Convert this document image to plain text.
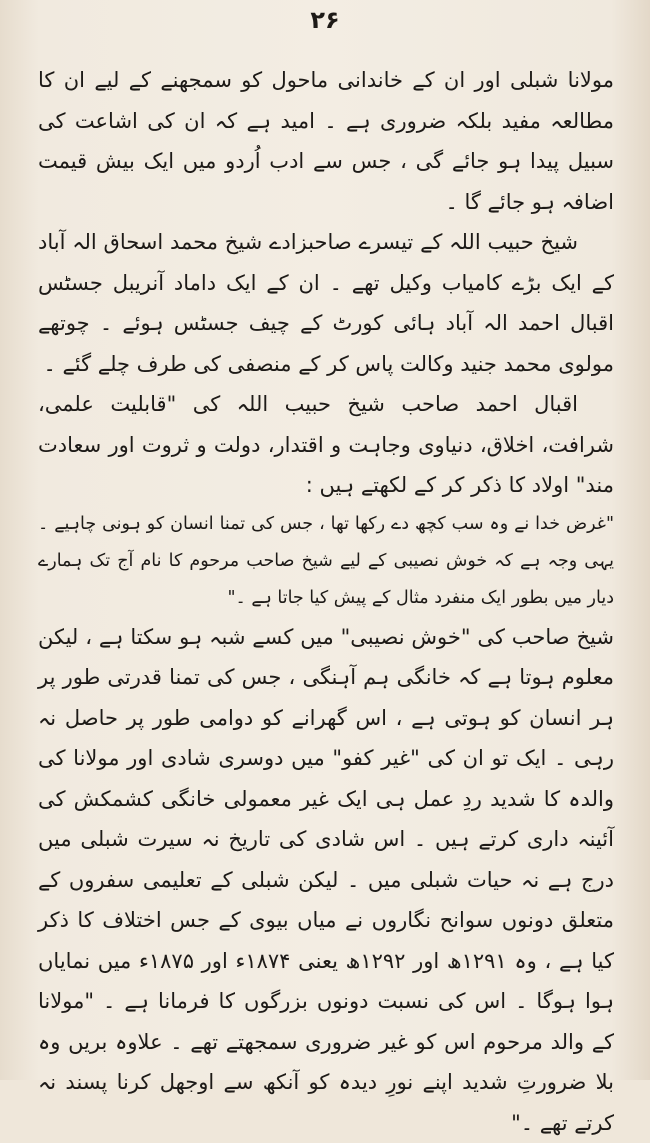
۲۶

مولانا شبلی اور ان کے خاندانی ماحول کو سمجھنے کے لیے ان کا مطالعہ مفید بلکہ ضروری ہے ۔ امید ہے کہ ان کی اشاعت کی سبیل پیدا ہو جائے گی ، جس سے ادب اُردو میں ایک بیش قیمت اضافہ ہو جائے گا ۔

شیخ حبیب اللہ کے تیسرے صاحبزادے شیخ محمد اسحاق الہ آباد کے ایک بڑے کامیاب وکیل تھے ۔ ان کے ایک داماد آنریبل جسٹس اقبال احمد الہ آباد ہائی کورٹ کے چیف جسٹس ہوئے ۔ چوتھے مولوی محمد جنید وکالت پاس کر کے منصفی کی طرف چلے گئے ۔

اقبال احمد صاحب شیخ حبیب اللہ کی "قابلیت علمی، شرافت، اخلاق، دنیاوی وجاہت و اقتدار، دولت و ثروت اور سعادت مند" اولاد کا ذکر کر کے لکھتے ہیں :

"غرض خدا نے وہ سب کچھ دے رکھا تھا ، جس کی تمنا انسان کو ہونی چاہیے ۔ یہی وجہ ہے کہ خوش نصیبی کے لیے شیخ صاحب مرحوم کا نام آج تک ہمارے دیار میں بطور ایک منفرد مثال کے پیش کیا جاتا ہے ۔"

شیخ صاحب کی "خوش نصیبی" میں کسے شبہ ہو سکتا ہے ، لیکن معلوم ہوتا ہے کہ خانگی ہم آہنگی ، جس کی تمنا قدرتی طور پر ہر انسان کو ہوتی ہے ، اس گھرانے کو دوامی طور پر حاصل نہ رہی ۔ ایک تو ان کی "غیر کفو" میں دوسری شادی اور مولانا کی والدہ کا شدید ردِ عمل ہی ایک غیر معمولی خانگی کشمکش کی آئینہ داری کرتے ہیں ۔ اس شادی کی تاریخ نہ سیرت شبلی میں درج ہے نہ حیات شبلی میں ۔ لیکن شبلی کے تعلیمی سفروں کے متعلق دونوں سوانح نگاروں نے میاں بیوی کے جس اختلاف کا ذکر کیا ہے ، وہ ۱۲۹۱ھ اور ۱۲۹۲ھ یعنی ۱۸۷۴ء اور ۱۸۷۵ء میں نمایاں ہوا ہوگا ۔ اس کی نسبت دونوں بزرگوں کا فرمانا ہے ۔ "مولانا کے والد مرحوم اس کو غیر ضروری سمجھتے تھے ۔ علاوہ بریں وہ بلا ضرورتِ شدید اپنے نورِ دیدہ کو آنکھ سے اوجھل کرنا پسند نہ کرتے تھے ۔"
